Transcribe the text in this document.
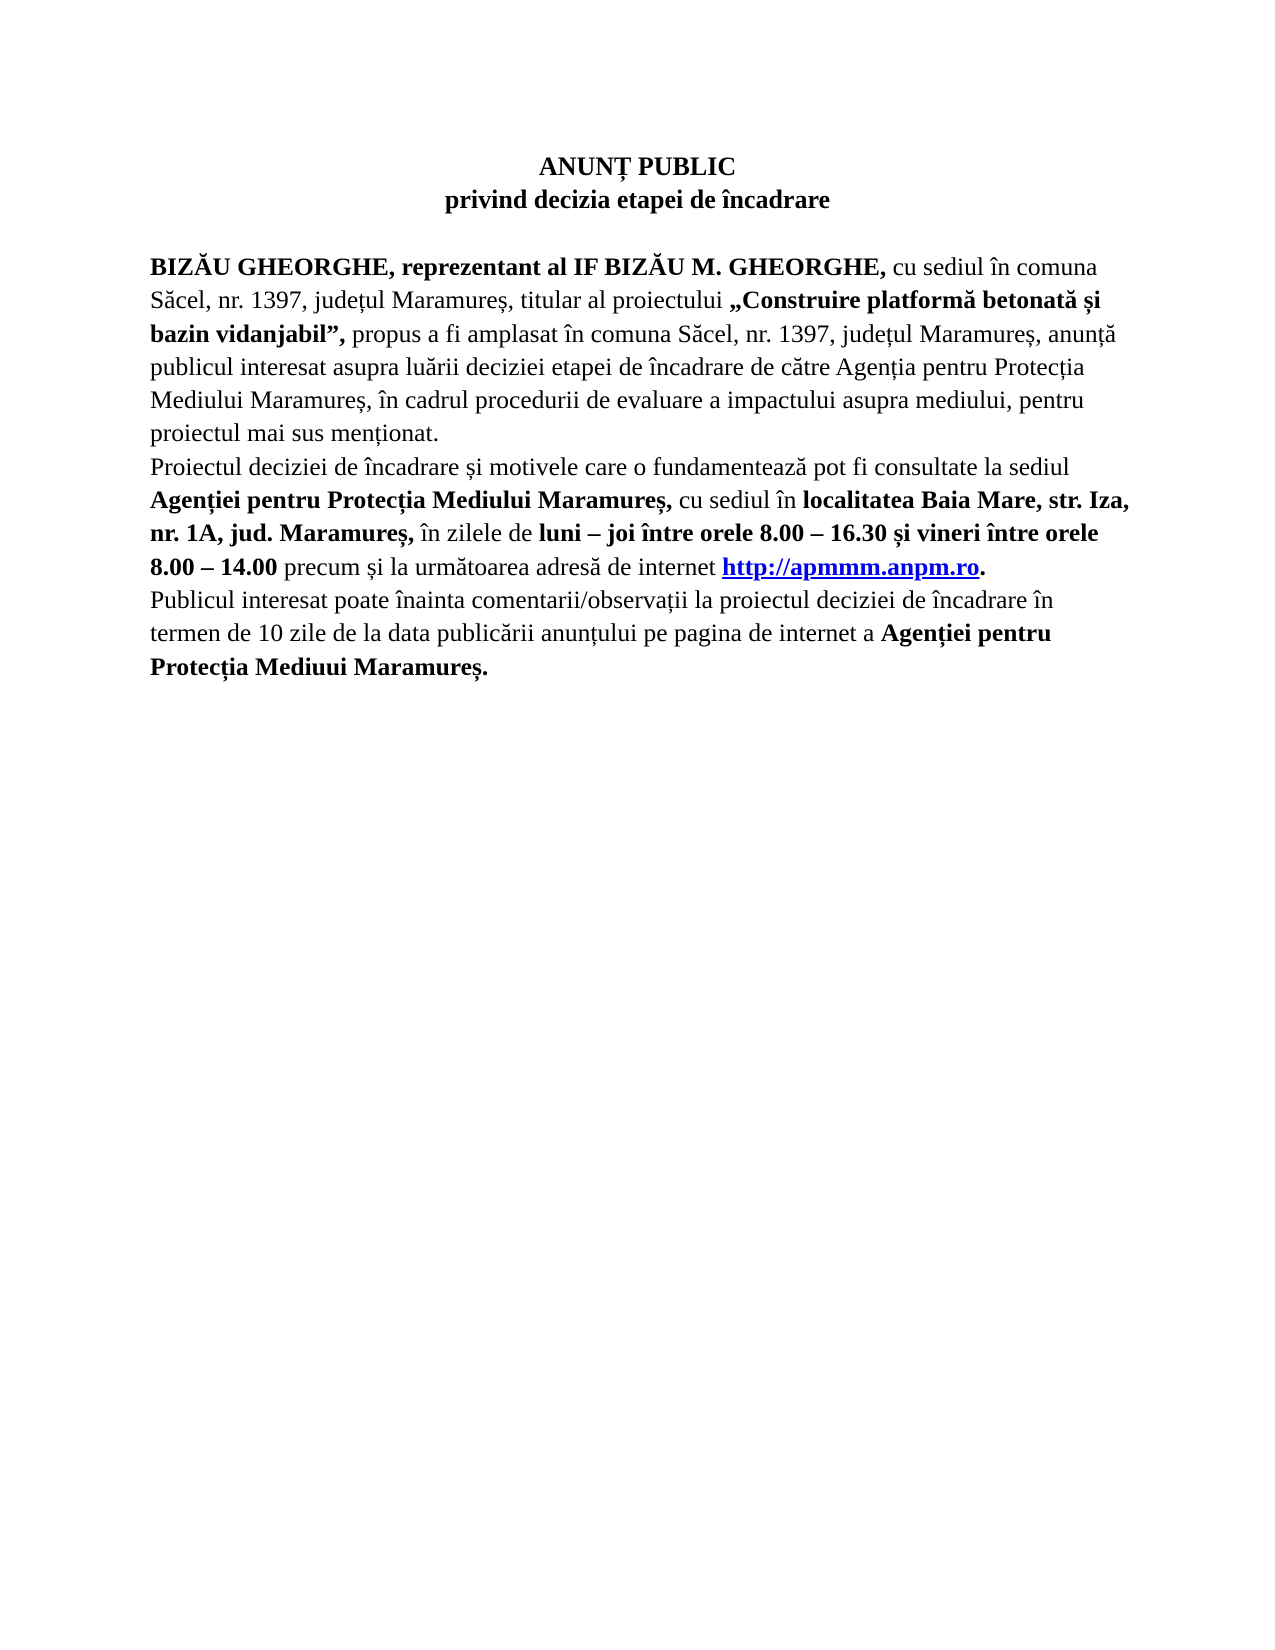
ANUNȚ PUBLIC
privind decizia etapei de încadrare

BIZĂU GHEORGHE, reprezentant al IF BIZĂU M. GHEORGHE, cu sediul în comuna Săcel, nr. 1397, județul Maramureș, titular al proiectului „Construire platformă betonată și bazin vidanjabil”, propus a fi amplasat în comuna Săcel, nr. 1397, județul Maramureș, anunță publicul interesat asupra luării deciziei etapei de încadrare de către Agenția pentru Protecția Mediului Maramureș, în cadrul procedurii de evaluare a impactului asupra mediului, pentru proiectul mai sus menționat.

Proiectul deciziei de încadrare și motivele care o fundamentează pot fi consultate la sediul Agenției pentru Protecția Mediului Maramureș, cu sediul în localitatea Baia Mare, str. Iza, nr. 1A, jud. Maramureș, în zilele de luni – joi între orele 8.00 – 16.30 și vineri între orele 8.00 – 14.00 precum și la următoarea adresă de internet http://apmmm.anpm.ro.

Publicul interesat poate înainta comentarii/observații la proiectul deciziei de încadrare în termen de 10 zile de la data publicării anunțului pe pagina de internet a Agenției pentru Protecția Mediuui Maramureș.
